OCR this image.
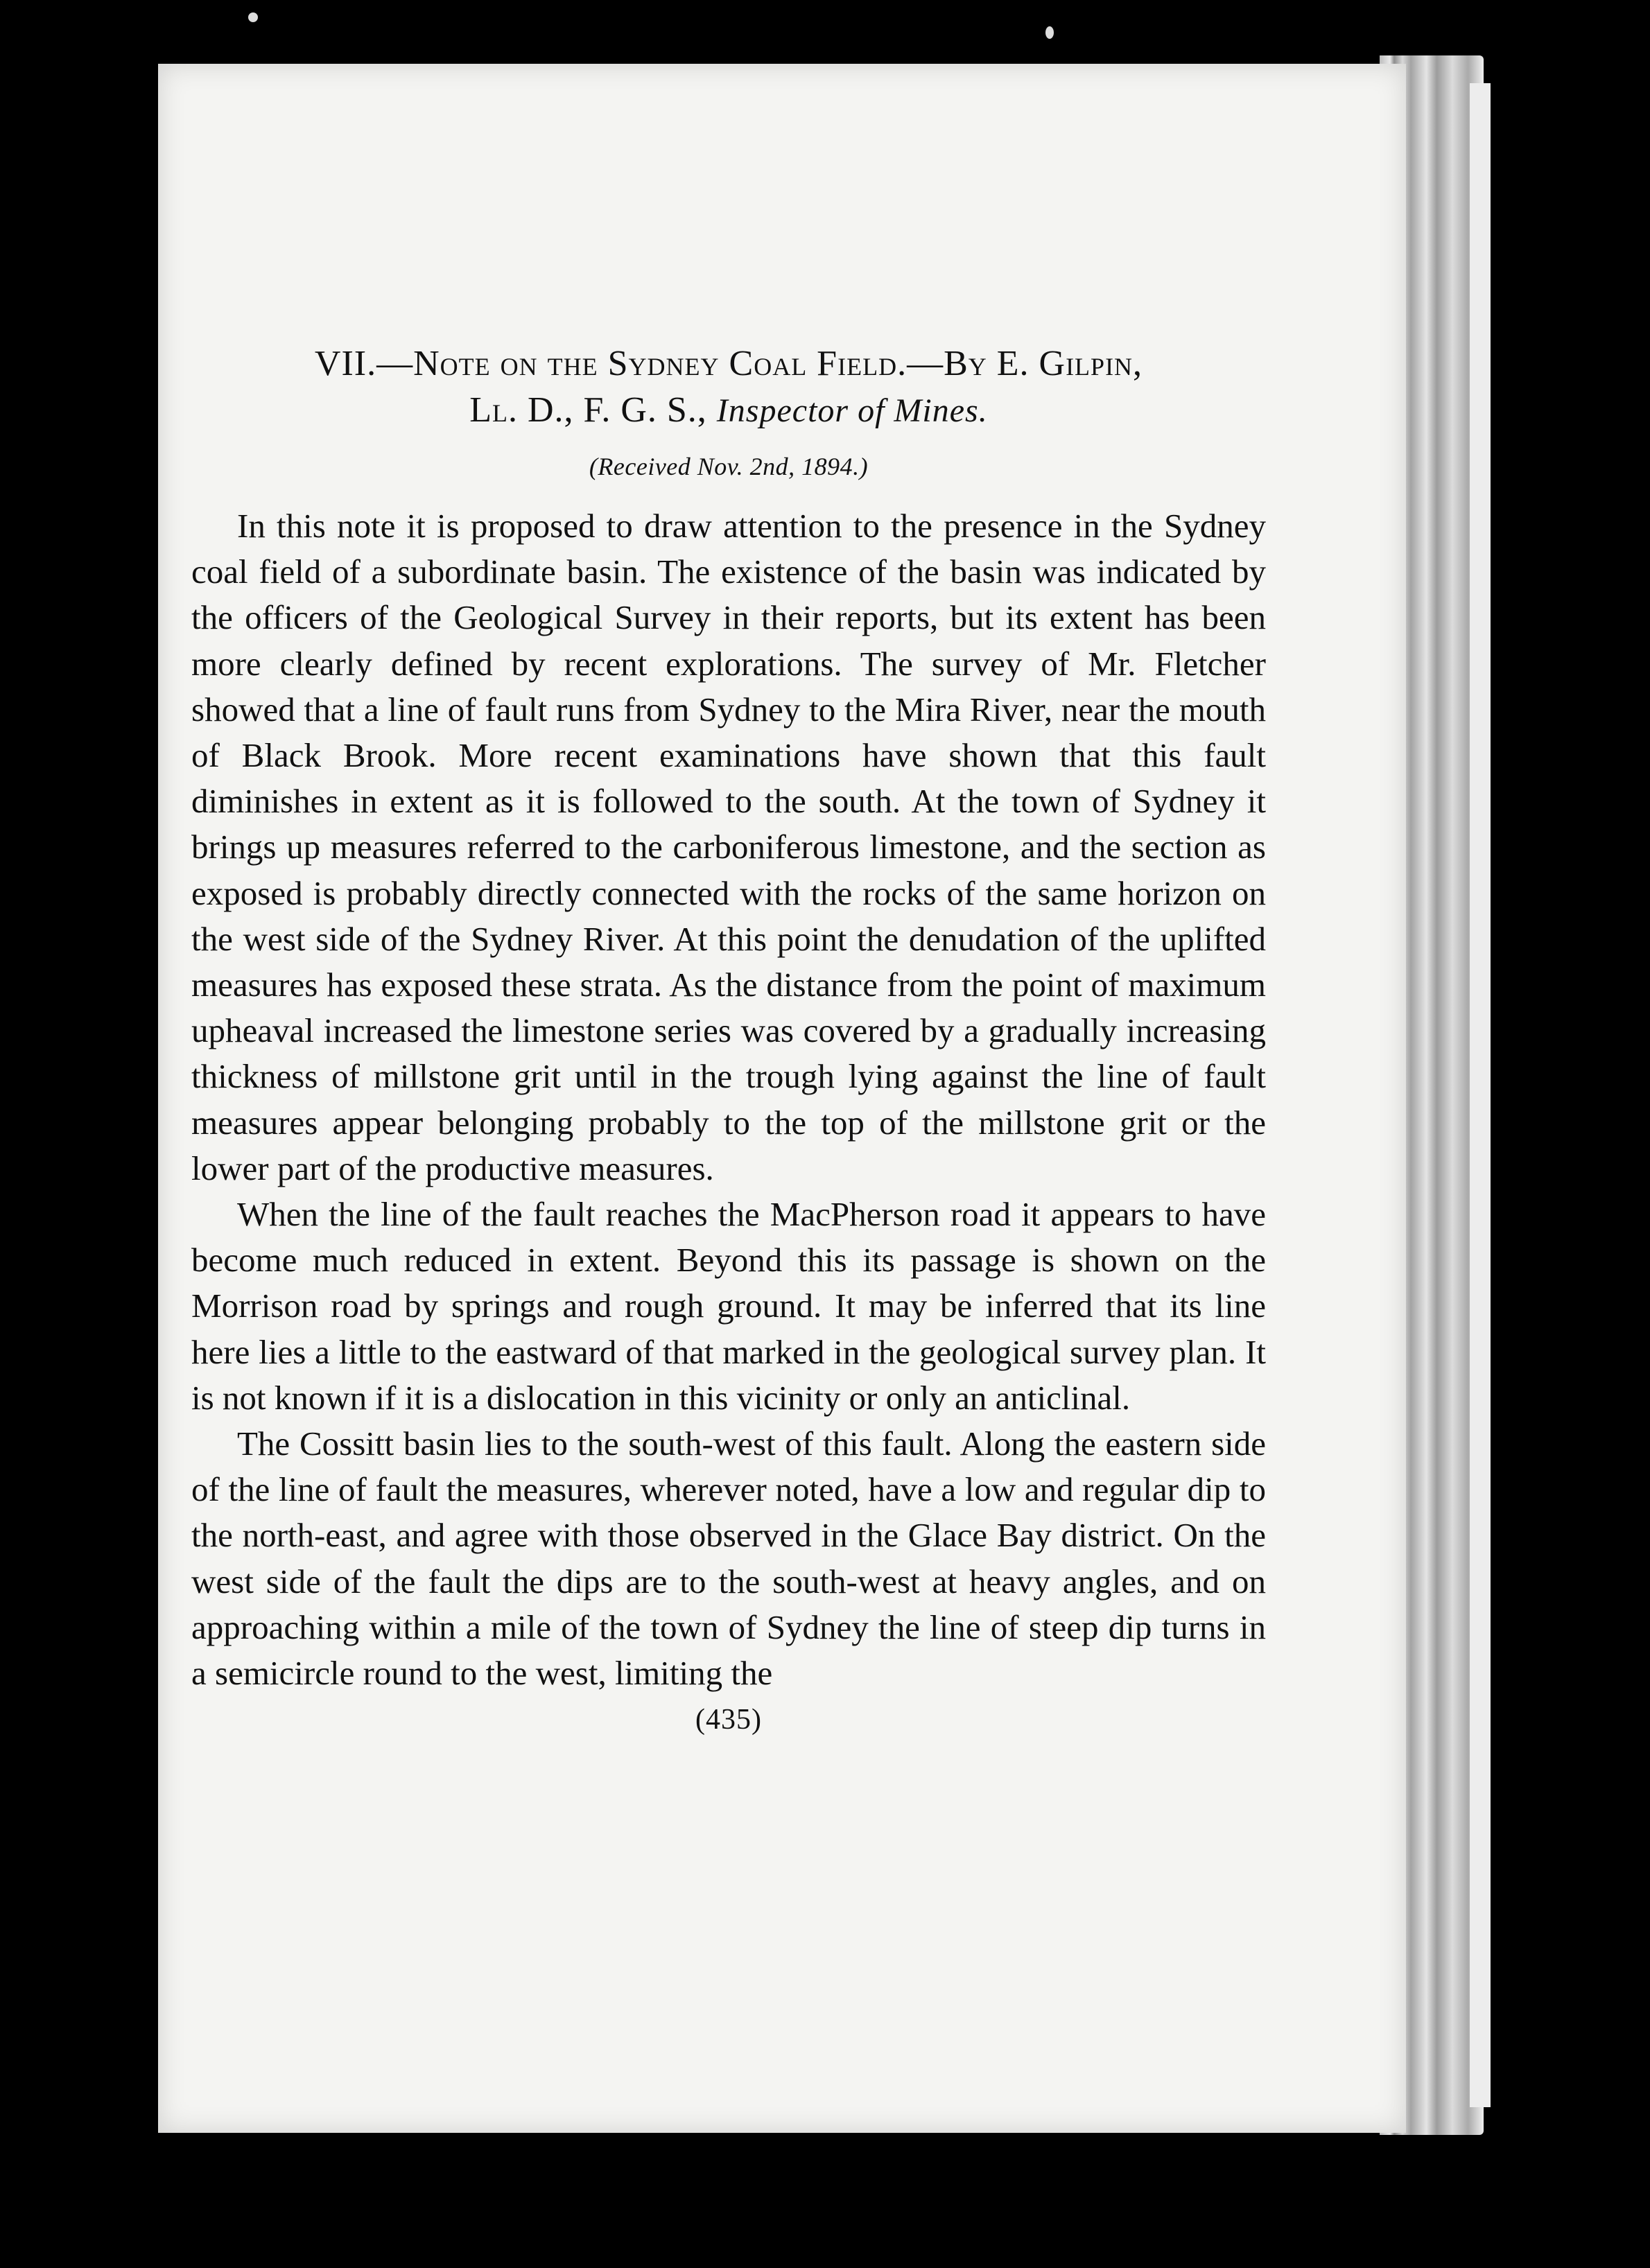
VII.—Note on the Sydney Coal Field.—By E. Gilpin,
Ll. D., F. G. S., Inspector of Mines.

(Received Nov. 2nd, 1894.)

In this note it is proposed to draw attention to the presence in the Sydney coal field of a subordinate basin. The existence of the basin was indicated by the officers of the Geological Survey in their reports, but its extent has been more clearly defined by recent explorations. The survey of Mr. Fletcher showed that a line of fault runs from Sydney to the Mira River, near the mouth of Black Brook. More recent examinations have shown that this fault diminishes in extent as it is followed to the south. At the town of Sydney it brings up measures referred to the carboniferous limestone, and the section as exposed is probably directly connected with the rocks of the same horizon on the west side of the Sydney River. At this point the denudation of the uplifted measures has exposed these strata. As the distance from the point of maximum upheaval increased the limestone series was covered by a gradually increasing thickness of millstone grit until in the trough lying against the line of fault measures appear belonging probably to the top of the millstone grit or the lower part of the productive measures.

When the line of the fault reaches the MacPherson road it appears to have become much reduced in extent. Beyond this its passage is shown on the Morrison road by springs and rough ground. It may be inferred that its line here lies a little to the eastward of that marked in the geological survey plan. It is not known if it is a dislocation in this vicinity or only an anticlinal.

The Cossitt basin lies to the south-west of this fault. Along the eastern side of the line of fault the measures, wherever noted, have a low and regular dip to the north-east, and agree with those observed in the Glace Bay district. On the west side of the fault the dips are to the south-west at heavy angles, and on approaching within a mile of the town of Sydney the line of steep dip turns in a semicircle round to the west, limiting the

(435)
